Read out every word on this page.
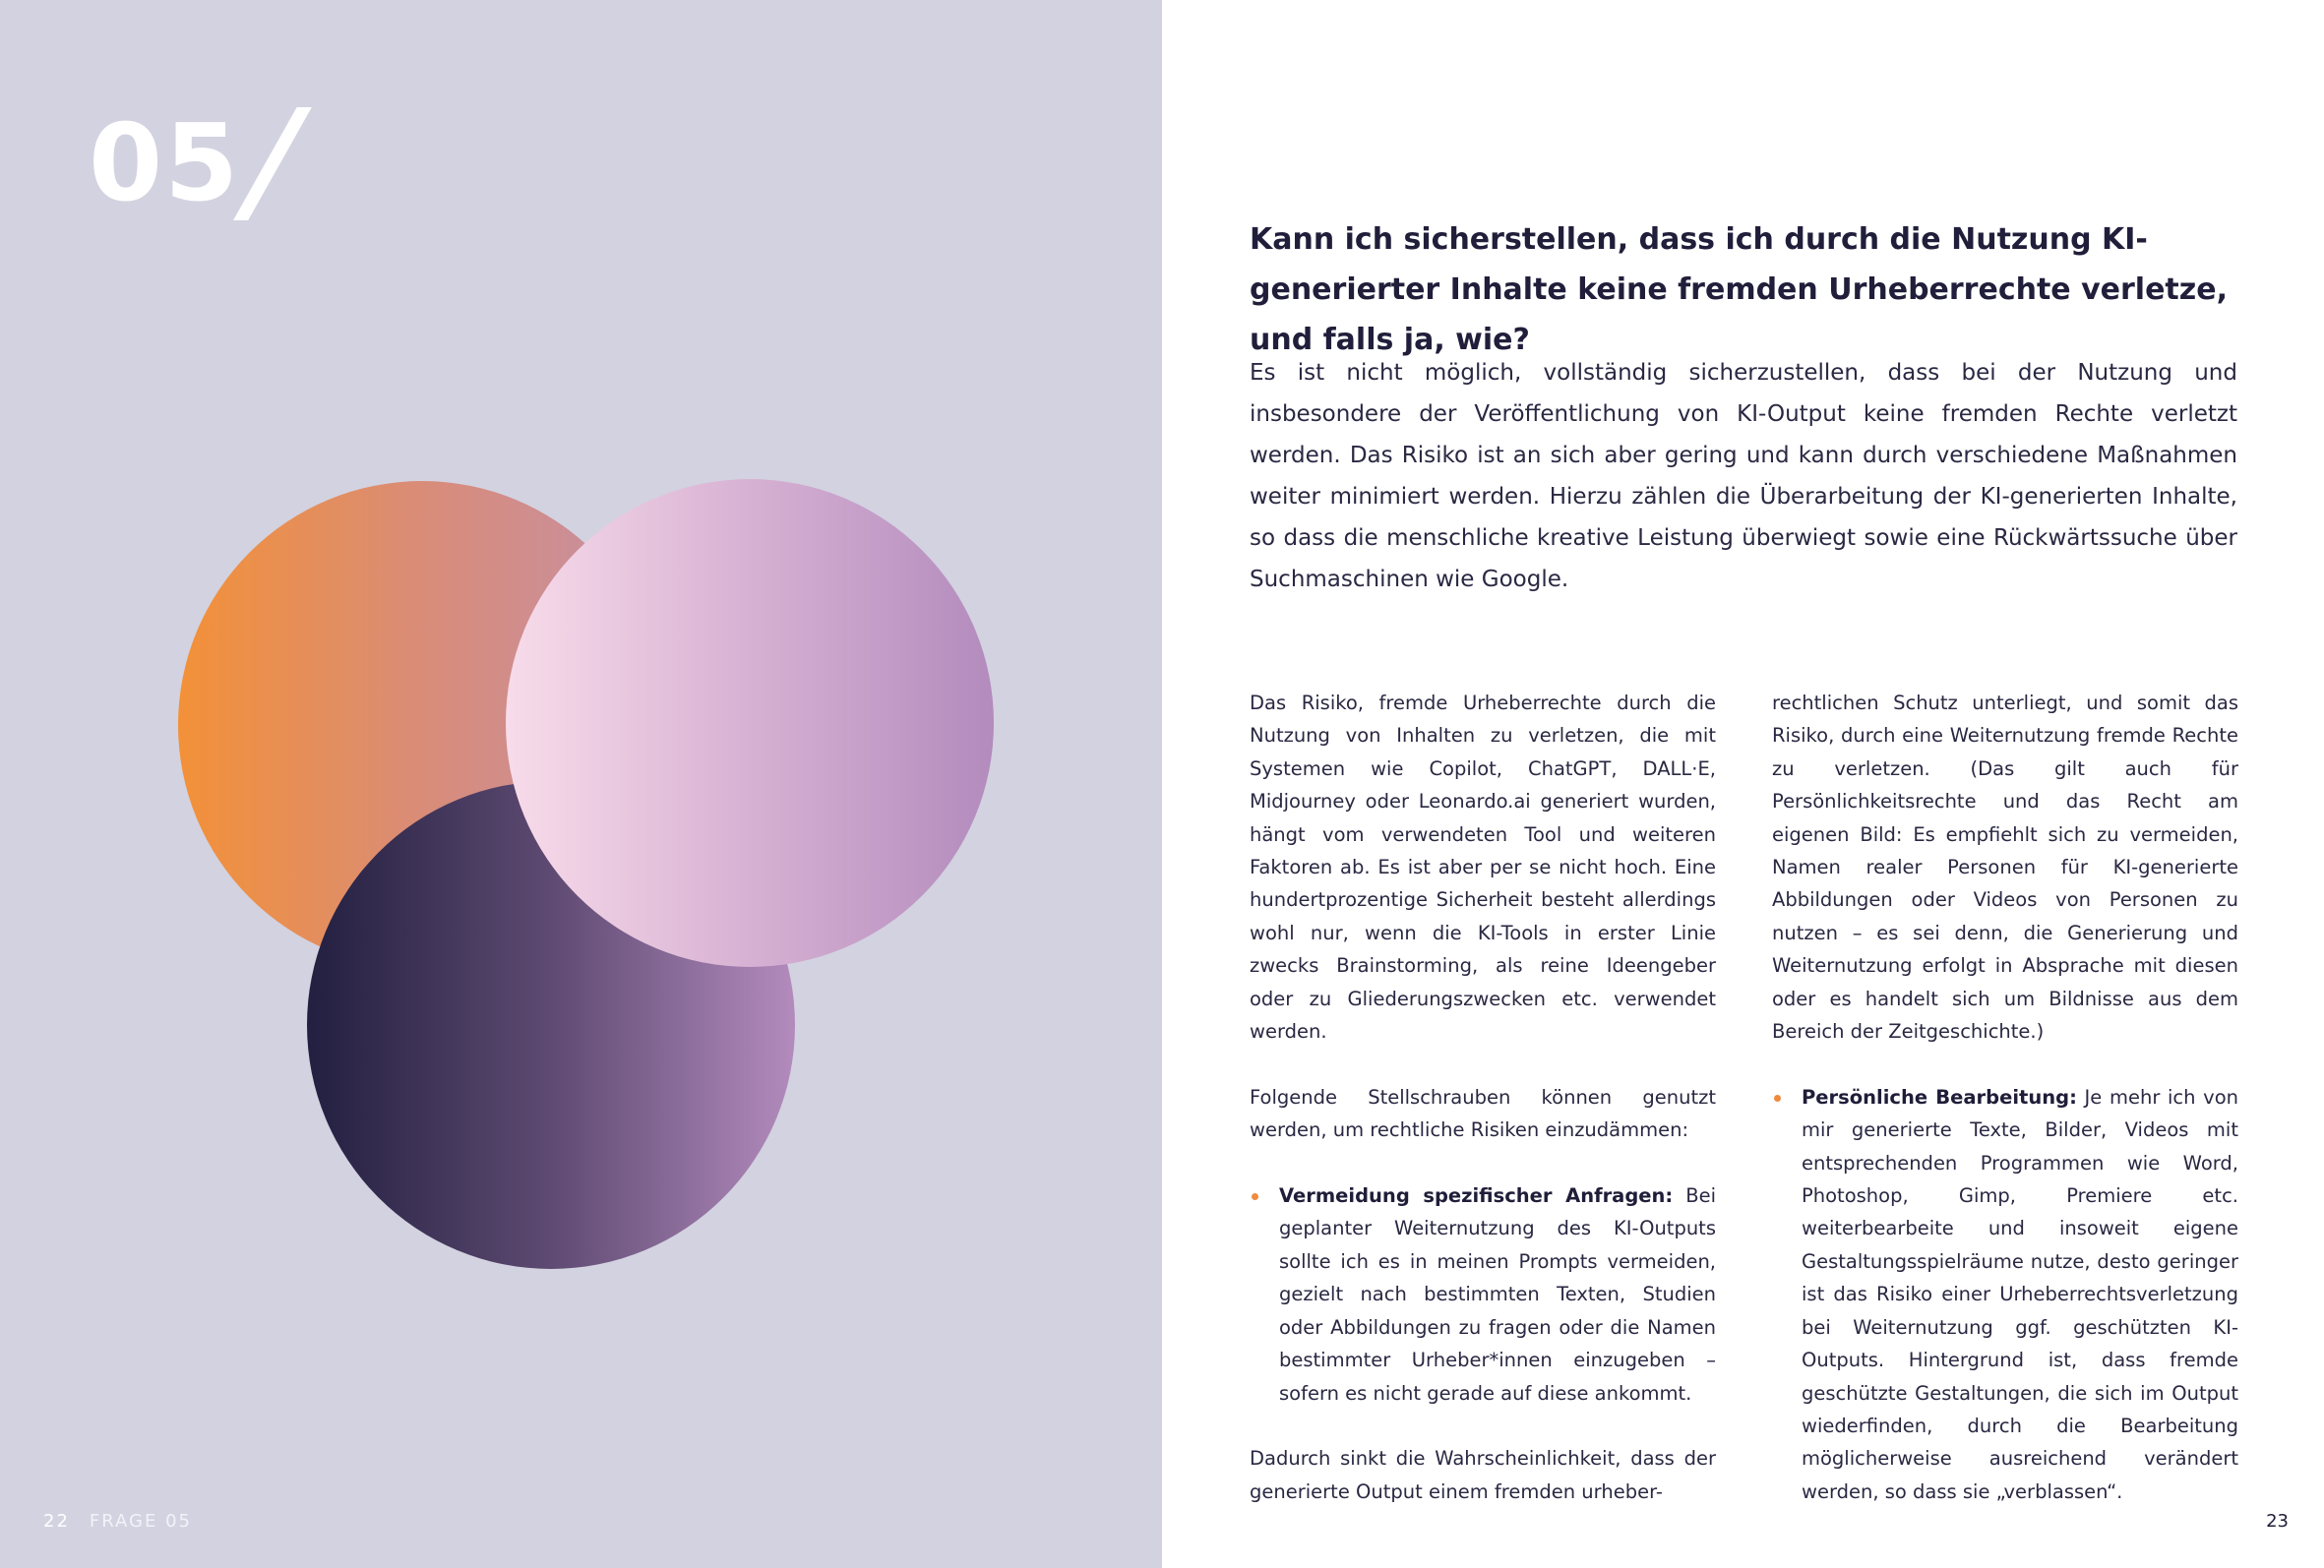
05/
22 FRAGE 05
Kann ich sicherstellen, dass ich durch die Nutzung KI-generierter Inhalte keine fremden Urheberrechte verletze, und falls ja, wie?

Es ist nicht möglich, vollständig sicherzustellen, dass bei der Nutzung und insbesondere der Veröffentlichung von KI-Output keine fremden Rechte verletzt werden. Das Risiko ist an sich aber gering und kann durch verschiedene Maßnahmen weiter minimiert werden. Hierzu zählen die Überarbeitung der KI-generierten Inhalte, so dass die menschliche kreative Leistung überwiegt sowie eine Rückwärtssuche über Suchmaschinen wie Google.

Das Risiko, fremde Urheberrechte durch die Nutzung von Inhalten zu verletzen, die mit Systemen wie Copilot, ChatGPT, DALL·E, Midjourney oder Leonardo.ai generiert wurden, hängt vom verwendeten Tool und weiteren Faktoren ab. Es ist aber per se nicht hoch. Eine hundertprozentige Sicherheit besteht allerdings wohl nur, wenn die KI-Tools in erster Linie zwecks Brainstorming, als reine Ideengeber oder zu Gliederungszwecken etc. verwendet werden.

Folgende Stellschrauben können genutzt werden, um rechtliche Risiken einzudämmen:

Vermeidung spezifischer Anfragen: Bei geplanter Weiternutzung des KI-Outputs sollte ich es in meinen Prompts vermeiden, gezielt nach bestimmten Texten, Studien oder Abbildungen zu fragen oder die Namen bestimmter Urheber*innen einzugeben – sofern es nicht gerade auf diese ankommt.

Dadurch sinkt die Wahrscheinlichkeit, dass der generierte Output einem fremden urheber-

rechtlichen Schutz unterliegt, und somit das Risiko, durch eine Weiternutzung fremde Rechte zu verletzen. (Das gilt auch für Persönlichkeitsrechte und das Recht am eigenen Bild: Es empfiehlt sich zu vermeiden, Namen realer Personen für KI-generierte Abbildungen oder Videos von Personen zu nutzen – es sei denn, die Generierung und Weiternutzung erfolgt in Absprache mit diesen oder es handelt sich um Bildnisse aus dem Bereich der Zeitgeschichte.)

Persönliche Bearbeitung: Je mehr ich von mir generierte Texte, Bilder, Videos mit entsprechenden Programmen wie Word, Photoshop, Gimp, Premiere etc. weiterbearbeite und insoweit eigene Gestaltungsspielräume nutze, desto geringer ist das Risiko einer Urheberrechtsverletzung bei Weiternutzung ggf. geschützten KI-Outputs. Hintergrund ist, dass fremde geschützte Gestaltungen, die sich im Output wiederfinden, durch die Bearbeitung möglicherweise ausreichend verändert werden, so dass sie „verblassen“.
23
